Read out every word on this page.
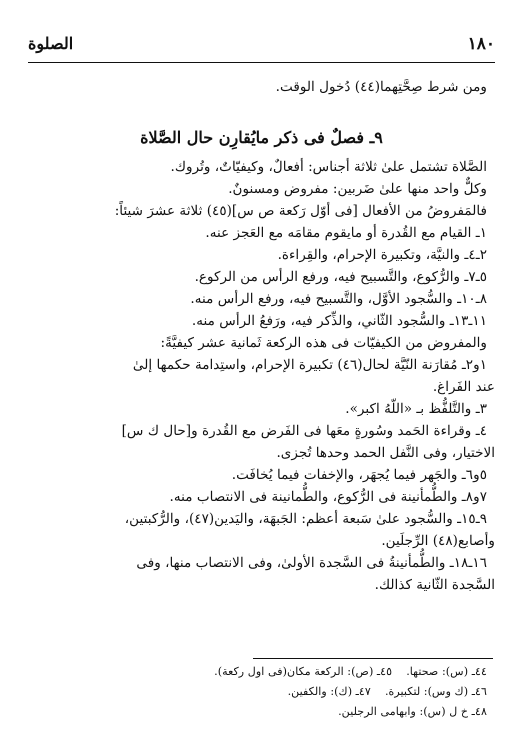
١٨٠
الصلوة

ومن شرط صِحَّتِهما(٤٤) دُخول الوقت.

٩ـ فصلٌ فى ذكر مايُقارِن حال الصَّلاة

الصَّلاة تشتمل علىٰ ثلاثة أجناس: أفعالٌ، وكيفيّاتٌ، وتُروك.

وكلٌّ واحد منها علىٰ ضَربين: مفروض ومسنونٌ.

فالمَفروضُ من الأفعال [فى أوّل رَكعة ص س](٤٥) ثلاثة عشرَ شيئاً:

١ـ القيام مع القُدرة أو مايقوم مقامَه مع العَجز عنه.

٢ـ٤ـ والنيَّة، وتكبيرة الإحرام، والقِراءة.

٥ـ٧ـ والرُّكوع، والتَّسبيح فيه، ورفع الرأس من الركوع.

٨ـ١٠ـ والسُّجود الأوَّل، والتَّسبيح فيه، ورفع الرأس منه.

١١ـ١٣ـ والسُّجود الثّاني، والذِّكر فيه، ورَفعُ الرأس منه.

والمفروض من الكيفيّات فى هذه الركعة ثَمانية عشر كيفيَّةً:

١و٢ـ مُقارَنة النّيَّة لحال(٤٦) تكبيرة الإحرام، واستِدامة حكمها إلىٰ

عند الفَراغ.

٣ـ والتَّلفُّظ بـ «اللّهُ اكبر».

٤ـ وقراءة الحَمد وسُورةٍ معَها فى الفَرض مع القُدرة و[حال ك س]

الاختيار، وفى النَّفل الحمد وحدها تُجزى.

٥و٦ـ والجَهر فيما يُجهَر، والإخفات فيما يُخافَت.

٧و٨ـ والطُّمأنينة فى الرُّكوع، والطُّمانينة فى الانتصاب منه.

٩ـ١٥ـ والسُّجود علىٰ سَبعة أعظم: الجَبهَة، واليَدين(٤٧)، والرُّكبتين،

وأصابع(٤٨) الرِّجلَين.

١٦ـ١٨ـ والطُّمأنينةُ فى السَّجدة الأولىٰ، وفى الانتصاب منها، وفى

السَّجدة الثّانية كذالك.

٤٤ـ (س): صحتها.٤٥ـ (ص): الركعة مكان(فى اول ركعة).
٤٦ـ (ك وس): لتكبيرة.٤٧ـ (ك): والكفين.
٤٨ـ خ ل (س): وابهامى الرجلين.
